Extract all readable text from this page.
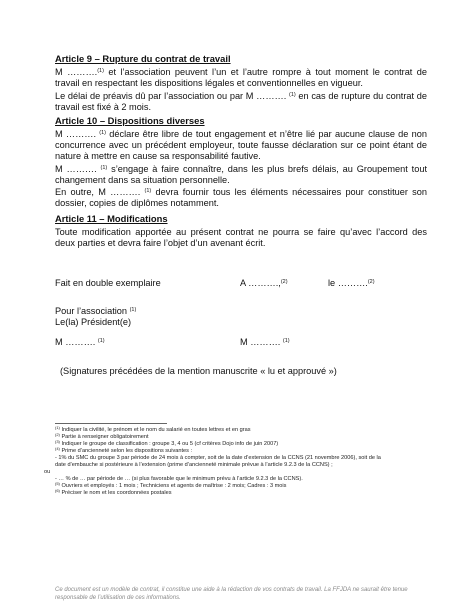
Article 9 – Rupture du contrat de travail
M ……….$^{(1)}$ et l’association peuvent l’un et l’autre rompre à tout moment le contrat de travail en respectant les dispositions légales et conventionnelles en vigueur.
Le délai de préavis dû par l’association ou par M ………. $^{(1)}$ en cas de rupture du contrat de travail est fixé à 2 mois.
Article 10 – Dispositions diverses
M ………. $^{(1)}$ déclare être libre de tout engagement et n’être lié par aucune clause de non concurrence avec un précédent employeur, toute fausse déclaration sur ce point étant de nature à mettre en cause sa responsabilité fautive.
M ………. $^{(1)}$ s’engage à faire connaître, dans les plus brefs délais, au Groupement tout changement dans sa situation personnelle.
En outre, M ………. $^{(1)}$ devra fournir tous les éléments nécessaires pour constituer son dossier, copies de diplômes notamment.
Article 11 – Modifications
Toute modification apportée au présent contrat ne pourra se faire qu’avec l’accord des deux parties et devra faire l’objet d’un avenant écrit.
Fait en double exemplaire	A ……….,$^{(2)}$	le ……….$^{(2)}$
Pour l’association $^{(1)}$
Le(la) Président(e)
M ………. $^{(1)}$	M ………. $^{(1)}$
(Signatures précédées de la mention manuscrite « lu et approuvé »)
$^{(1)}$ Indiquer la civilité, le prénom et le nom du salarié en toutes lettres et en gras
$^{(2)}$ Partie à renseigner obligatoirement
$^{(3)}$ Indiquer le groupe de classification : groupe 3, 4 ou 5 (cf critères Dojo info de juin 2007)
$^{(4)}$ Prime d’ancienneté selon les dispositions suivantes :
- 1% du SMC du groupe 3 par période de 24 mois à compter, soit de la date d’extension de la CCNS (21 novembre 2006), soit de la
date d’embauche si postérieure à l’extension (prime d’ancienneté minimale prévue à l’article 9.2.3 de la CCNS) ;
ou
- … % de … par période de … (si plus favorable que le minimum prévu à l’article 9.2.3 de la CCNS).
$^{(5)}$ Ouvriers et employés : 1 mois ; Techniciens et agents de maîtrise : 2 mois; Cadres : 3 mois
$^{(6)}$ Préciser le nom et les coordonnées postales
Ce document est un modèle de contrat, il constitue une aide à la rédaction de vos contrats de travail. La FFJDA ne saurait être tenue responsable de l’utilisation de ces informations.
